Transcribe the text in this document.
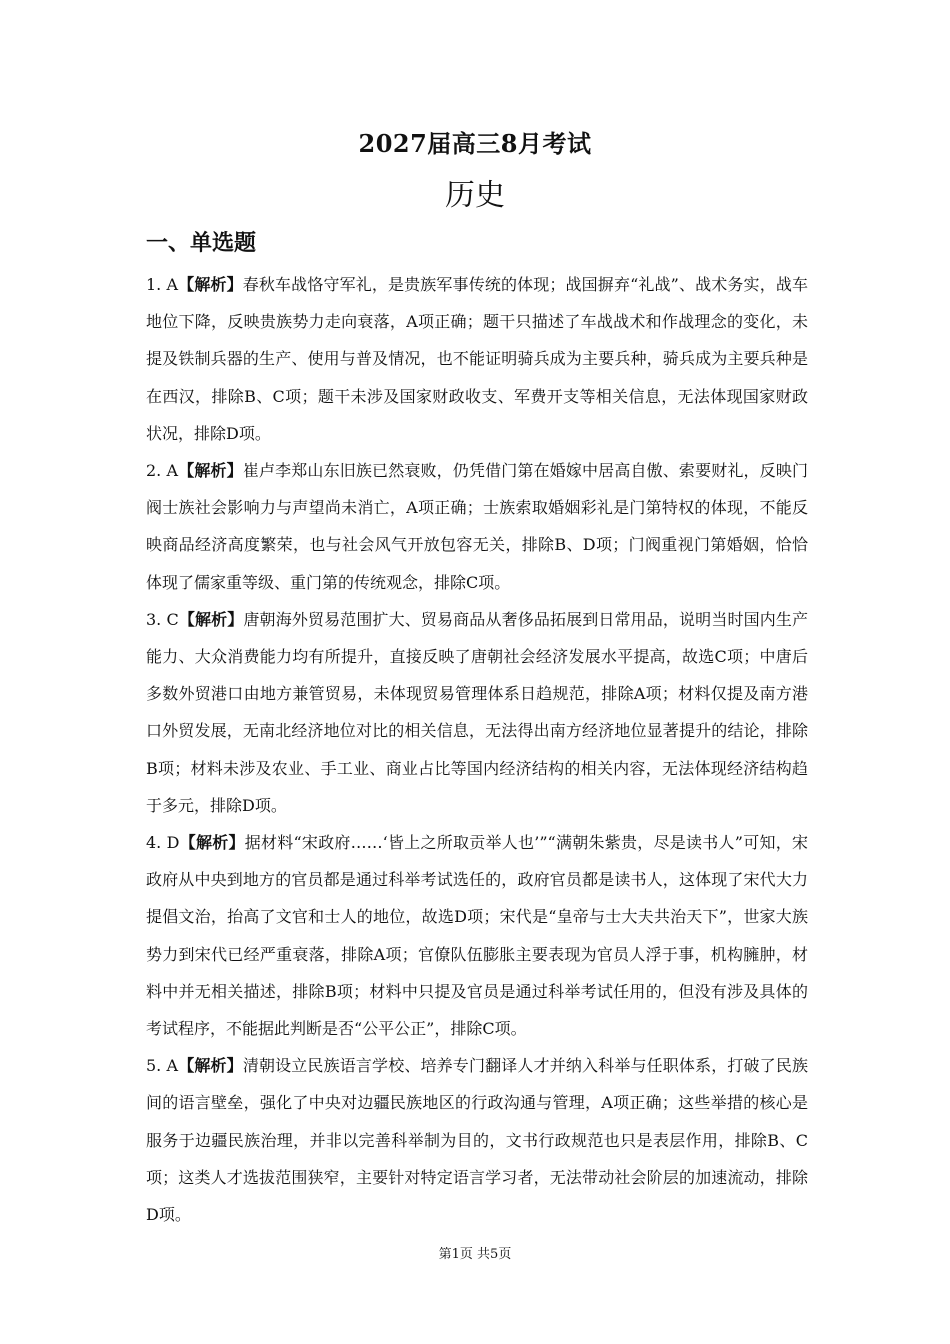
2027届高三8月考试
历史
一、单选题
1. A【解析】春秋车战恪守军礼，是贵族军事传统的体现；战国摒弃“礼战”、战术务实，战车地位下降，反映贵族势力走向衰落，A项正确；题干只描述了车战战术和作战理念的变化，未提及铁制兵器的生产、使用与普及情况，也不能证明骑兵成为主要兵种，骑兵成为主要兵种是在西汉，排除B、C项；题干未涉及国家财政收支、军费开支等相关信息，无法体现国家财政状况，排除D项。
2. A【解析】崔卢李郑山东旧族已然衰败，仍凭借门第在婚嫁中居高自傲、索要财礼，反映门阀士族社会影响力与声望尚未消亡，A项正确；士族索取婚姻彩礼是门第特权的体现，不能反映商品经济高度繁荣，也与社会风气开放包容无关，排除B、D项；门阀重视门第婚姻，恰恰体现了儒家重等级、重门第的传统观念，排除C项。
3. C【解析】唐朝海外贸易范围扩大、贸易商品从奢侈品拓展到日常用品，说明当时国内生产能力、大众消费能力均有所提升，直接反映了唐朝社会经济发展水平提高，故选C项；中唐后多数外贸港口由地方兼管贸易，未体现贸易管理体系日趋规范，排除A项；材料仅提及南方港口外贸发展，无南北经济地位对比的相关信息，无法得出南方经济地位显著提升的结论，排除B项；材料未涉及农业、手工业、商业占比等国内经济结构的相关内容，无法体现经济结构趋于多元，排除D项。
4. D【解析】据材料“宋政府……‘皆上之所取贡举人也’”“满朝朱紫贵，尽是读书人”可知，宋政府从中央到地方的官员都是通过科举考试选任的，政府官员都是读书人，这体现了宋代大力提倡文治，抬高了文官和士人的地位，故选D项；宋代是“皇帝与士大夫共治天下”，世家大族势力到宋代已经严重衰落，排除A项；官僚队伍膨胀主要表现为官员人浮于事，机构臃肿，材料中并无相关描述，排除B项；材料中只提及官员是通过科举考试任用的，但没有涉及具体的考试程序，不能据此判断是否“公平公正”，排除C项。
5. A【解析】清朝设立民族语言学校、培养专门翻译人才并纳入科举与任职体系，打破了民族间的语言壁垒，强化了中央对边疆民族地区的行政沟通与管理，A项正确；这些举措的核心是服务于边疆民族治理，并非以完善科举制为目的，文书行政规范也只是表层作用，排除B、C项；这类人才选拔范围狭窄，主要针对特定语言学习者，无法带动社会阶层的加速流动，排除D项。
第1页 共5页
